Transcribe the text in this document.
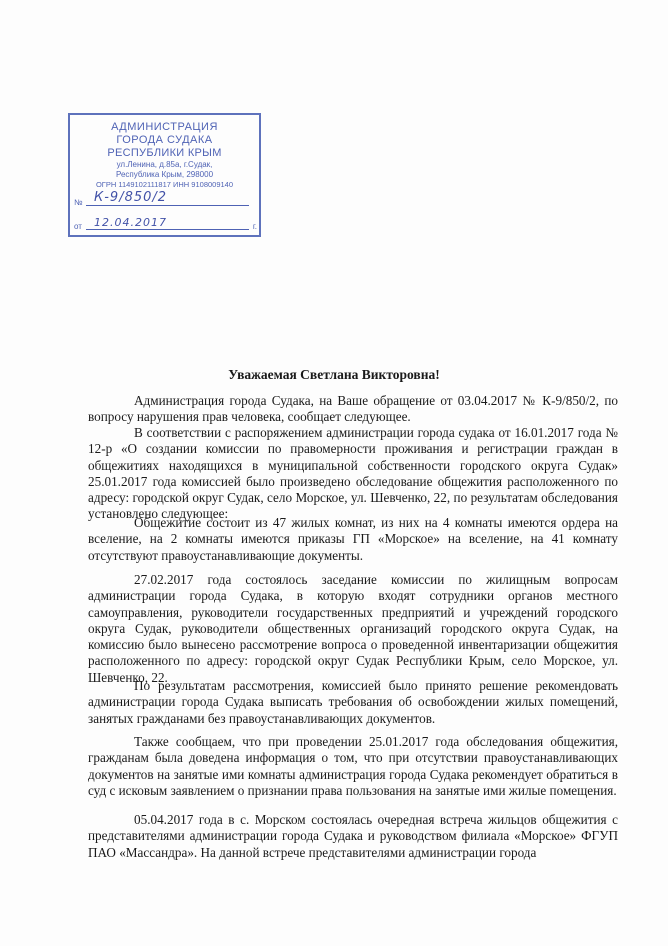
АДМИНИСТРАЦИЯ
ГОРОДА СУДАКА
РЕСПУБЛИКИ КРЫМ
ул.Ленина, д.85а, г.Судак,
Республика Крым, 298000
ОГРН 1149102111817 ИНН 9108009140
№ К-9/850/2
от 12.04.2017	г.
Уважаемая Светлана Викторовна!
Администрация города Судака, на Ваше обращение от 03.04.2017 № К-9/850/2, по вопросу нарушения прав человека, сообщает следующее.
В соответствии с распоряжением администрации города судака от 16.01.2017 года № 12-р «О создании комиссии по правомерности проживания и регистрации граждан в общежитиях находящихся в муниципальной собственности городского округа Судак» 25.01.2017 года комиссией было произведено обследование общежития расположенного по адресу: городской округ Судак, село Морское, ул. Шевченко, 22, по результатам обследования установлено следующее:
Общежитие состоит из 47 жилых комнат, из них на 4 комнаты имеются ордера на вселение, на 2 комнаты имеются приказы ГП «Морское» на вселение, на 41 комнату отсутствуют правоустанавливающие документы.
27.02.2017 года состоялось заседание комиссии по жилищным вопросам администрации города Судака, в которую входят сотрудники органов местного самоуправления, руководители государственных предприятий и учреждений городского округа Судак, руководители общественных организаций городского округа Судак, на комиссию было вынесено рассмотрение вопроса о проведенной инвентаризации общежития расположенного по адресу: городской округ Судак Республики Крым, село Морское, ул. Шевченко, 22.
По результатам рассмотрения, комиссией было принято решение рекомендовать администрации города Судака выписать требования об освобождении жилых помещений, занятых гражданами без правоустанавливающих документов.
Также сообщаем, что при проведении 25.01.2017 года обследования общежития, гражданам была доведена информация о том, что при отсутствии правоустанавливающих документов на занятые ими комнаты администрация города Судака рекомендует обратиться в суд с исковым заявлением о признании права пользования на занятые ими жилые помещения.
05.04.2017 года в с. Морском состоялась очередная встреча жильцов общежития с представителями администрации города Судака и руководством филиала «Морское» ФГУП ПАО «Массандра». На данной встрече представителями администрации города
